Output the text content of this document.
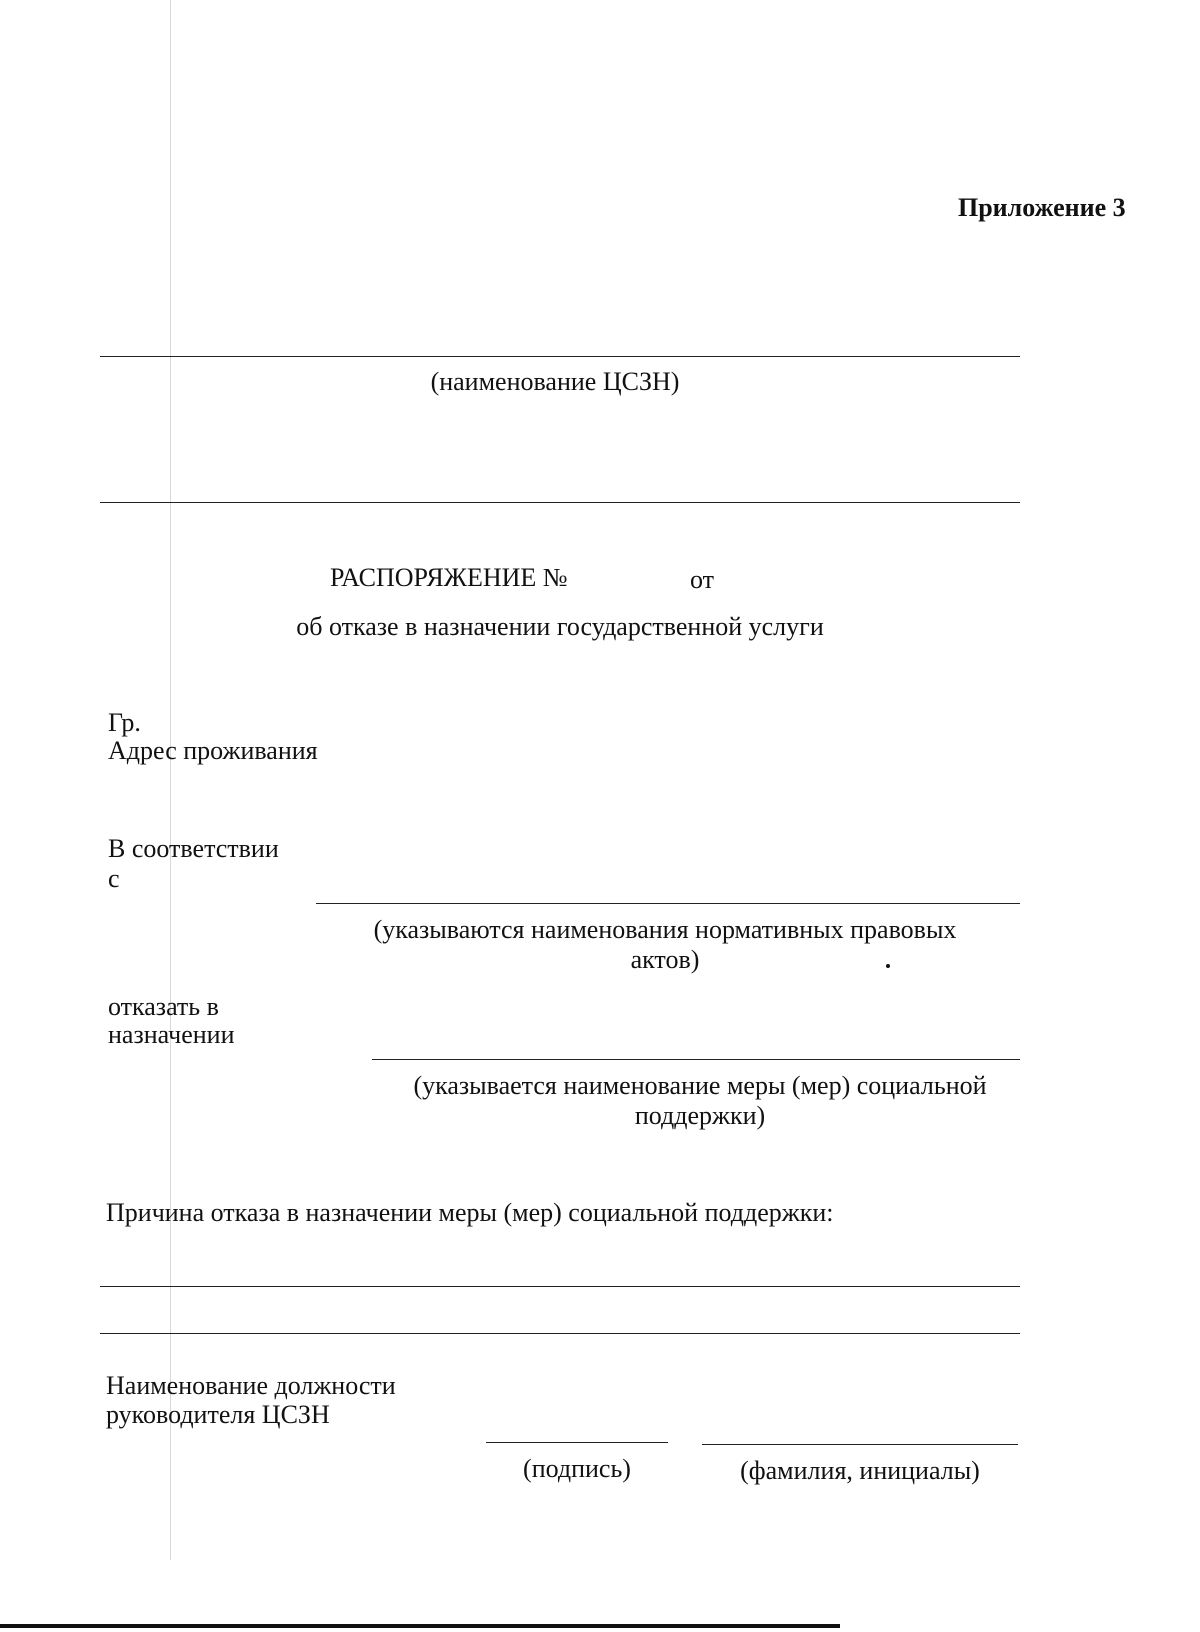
Приложение 3
(наименование ЦСЗН)
РАСПОРЯЖЕНИЕ №	от
об отказе в назначении государственной услуги
Гр.
Адрес проживания
В соответствии
с
(указываются наименования нормативных правовых
актов)
отказать в
назначении
(указывается наименование меры (мер) социальной
поддержки)
Причина отказа в назначении меры (мер) социальной поддержки:
Наименование должности
руководителя ЦСЗН
(подпись)	(фамилия, инициалы)
